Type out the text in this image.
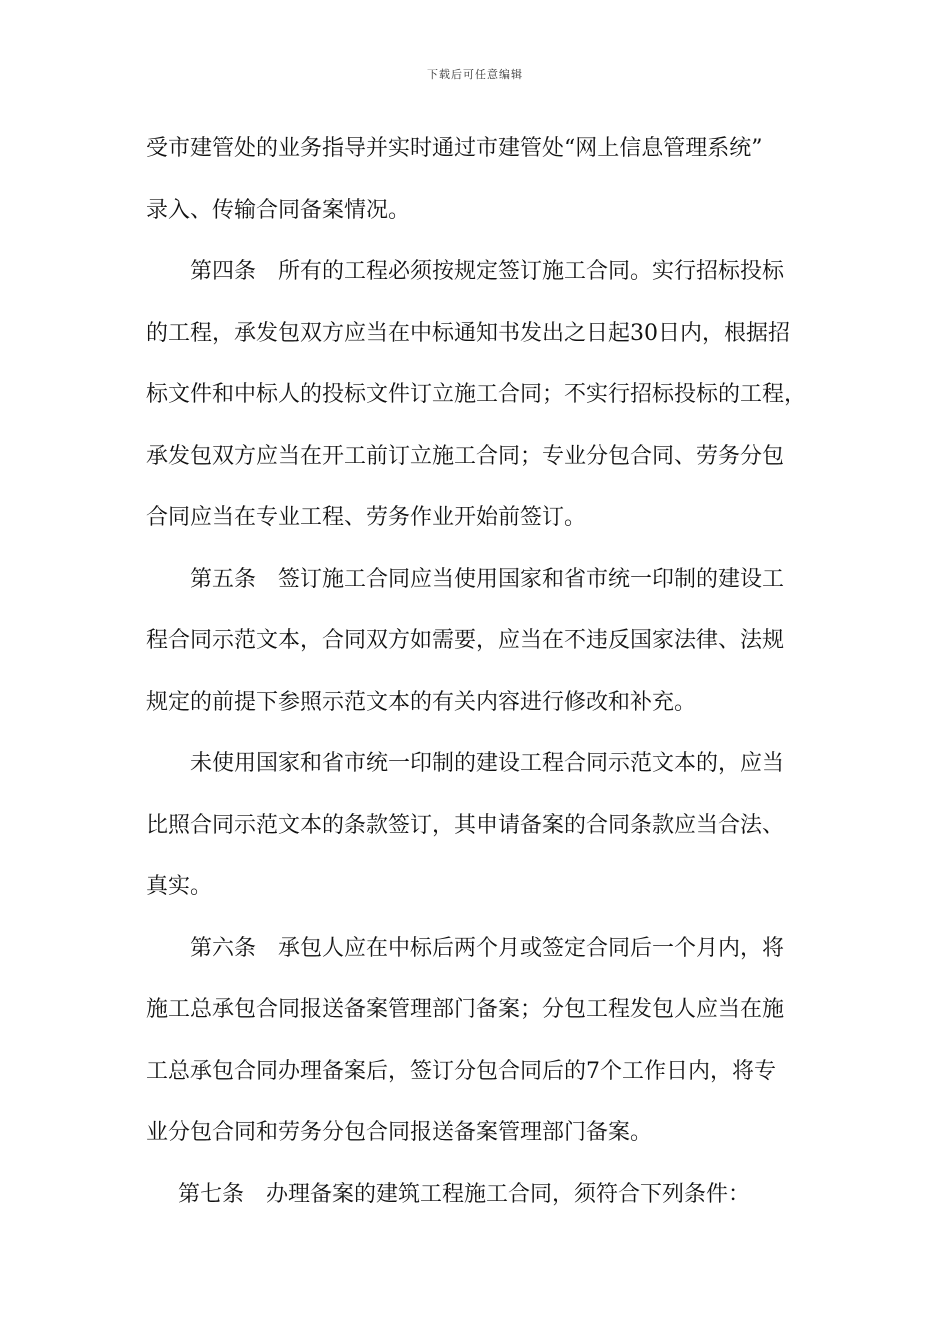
下载后可任意编辑
受市建管处的业务指导并实时通过市建管处“网上信息管理系统”
录入、传输合同备案情况。
第四条 所有的工程必须按规定签订施工合同。实行招标投标
的工程，承发包双方应当在中标通知书发出之日起30日内，根据招
标文件和中标人的投标文件订立施工合同；不实行招标投标的工程，
承发包双方应当在开工前订立施工合同；专业分包合同、劳务分包
合同应当在专业工程、劳务作业开始前签订。
第五条 签订施工合同应当使用国家和省市统一印制的建设工
程合同示范文本，合同双方如需要，应当在不违反国家法律、法规
规定的前提下参照示范文本的有关内容进行修改和补充。
未使用国家和省市统一印制的建设工程合同示范文本的，应当
比照合同示范文本的条款签订，其申请备案的合同条款应当合法、
真实。
第六条 承包人应在中标后两个月或签定合同后一个月内，将
施工总承包合同报送备案管理部门备案；分包工程发包人应当在施
工总承包合同办理备案后，签订分包合同后的7个工作日内，将专
业分包合同和劳务分包合同报送备案管理部门备案。
第七条 办理备案的建筑工程施工合同，须符合下列条件：
